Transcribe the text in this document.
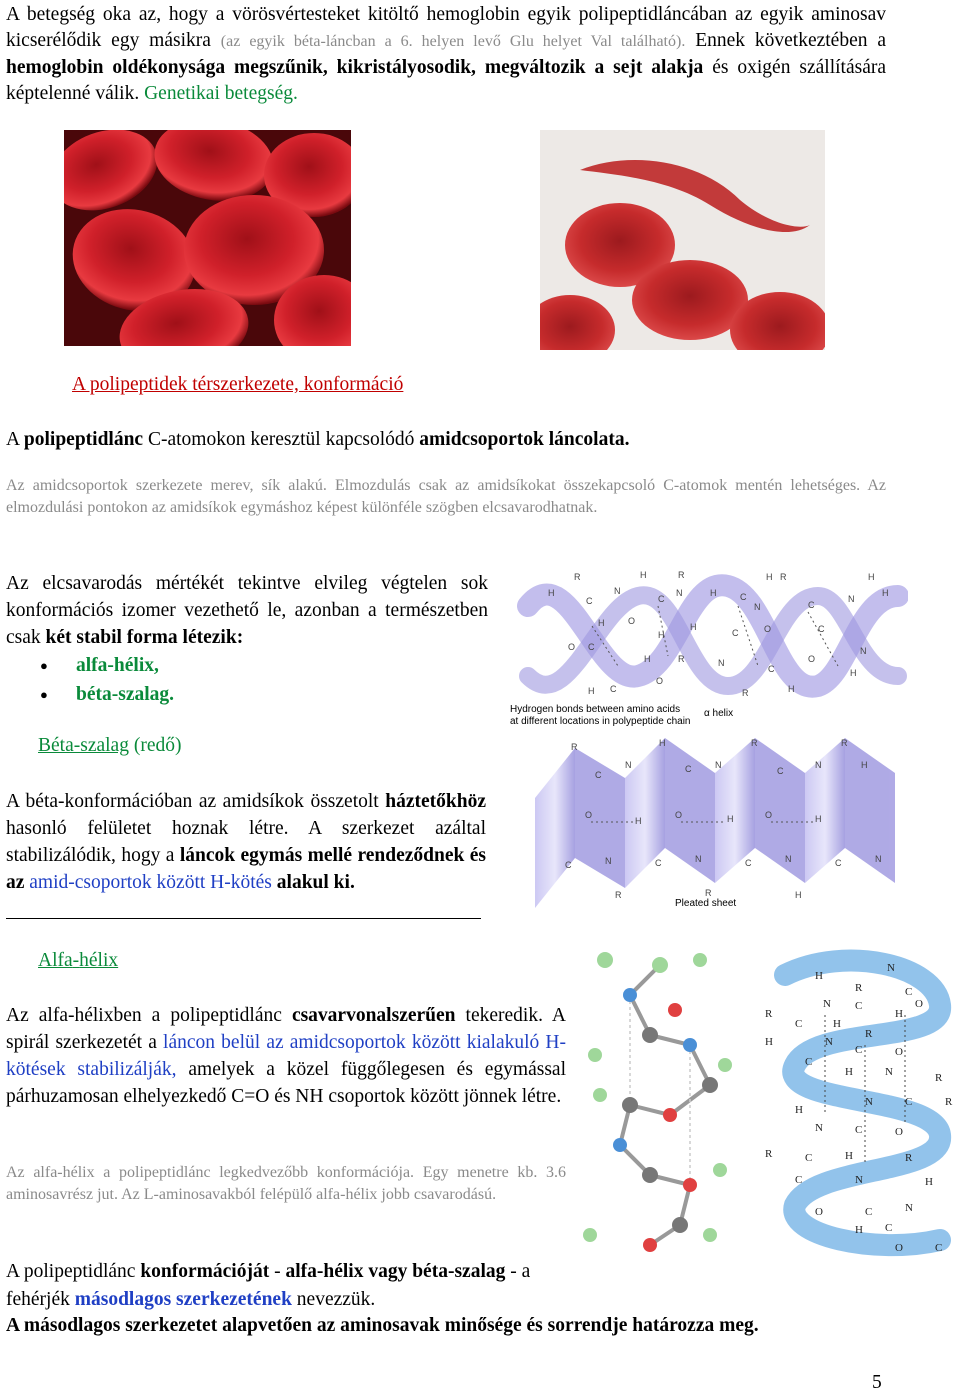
A betegség oka az, hogy a vörösvértesteket kitöltő hemoglobin egyik polipeptidláncában az egyik aminosav kicserélődik egy másikra (az egyik béta-láncban a 6. helyen levő Glu helyet Val található). Ennek következtében a hemoglobin oldékonysága megszűnik, kikristályosodik, megváltozik a sejt alakja és oxigén szállítására képtelenné válik. Genetikai betegség.
A polipeptidek térszerkezete, konformáció
A polipeptidlánc C-atomokon keresztül kapcsolódó amidcsoportok láncolata.
Az amidcsoportok szerkezete merev, sík alakú. Elmozdulás csak az amidsíkokat összekapcsoló C-atomok mentén lehetséges. Az elmozdulási pontokon az amidsíkok egymáshoz képest különféle szögben elcsavarodhatnak.
Az elcsavarodás mértékét tekintve elvileg végtelen sok konformációs izomer vezethető le, azonban a természetben csak két stabil forma létezik:
● alfa-hélix,
● béta-szalag.
R	H	R	H R	H
H
C
N
C
N	H	C
N	C
N
H
H	O
H
H
C	O	C
N
O C
H	R	N
C
O
H
H C
O
R	H
Hydrogen bonds between amino acids
at different locations in polypeptide chain
α helix
Béta-szalag (redő)
A béta-konformációban az amidsíkok összetolt háztetőkhöz hasonló felületet hoznak létre. A szerkezet azáltal stabilizálódik, hogy a láncok egymás mellé rendeződnek és az amid-csoportok között H-kötés alakul ki.
R	H	R	R
C
N	C	N
C
N	H
O
H
O	H	O	H
C	N	C	N	C	N	C	N
R	R	H
Pleated sheet
Alfa-hélix
Az alfa-hélixben a polipeptidlánc csavarvonalszerűen tekeredik. A spirál szerkezetét a láncon belül az amidcsoportok között kialakuló H-kötések stabilizálják, amelyek a közel függőlegesen és egymással párhuzamosan elhelyezkedő C=O és NH csoportok között jönnek létre.
Az alfa-hélix a polipeptidlánc legkedvezőbb konformációja. Egy menetre kb. 3.6 aminosavrész jut. Az L-aminosavakból felépülő alfa-hélix jobb csavarodású.
H
N
R	C
N C	O
H
R
C	H
R
H	N
C	O
C
H	N	R
H
N	C	R
N	C	O
R	C	H	R
C	N	H
O	C	N
H C
O	C
A polipeptidlánc konformációját - alfa-hélix vagy béta-szalag - a fehérjék másodlagos szerkezetének nevezzük.
A másodlagos szerkezetet alapvetően az aminosavak minősége és sorrendje határozza meg.
5
